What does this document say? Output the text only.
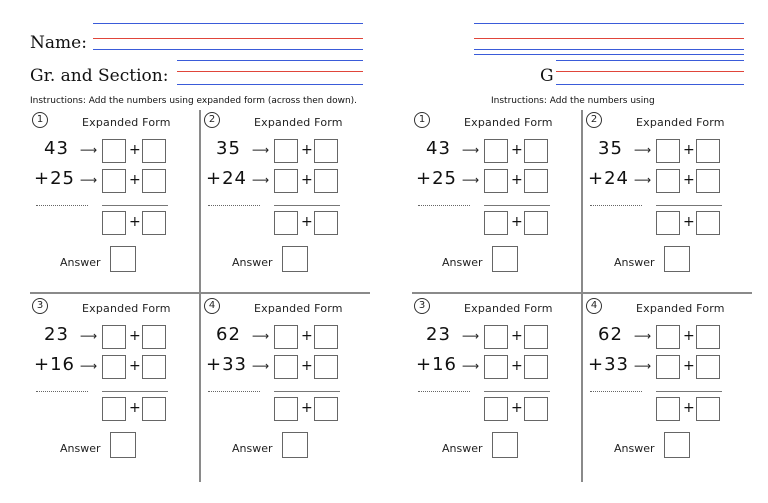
Name:
Gr. and Section:	G
Instructions: Add the numbers using expanded form (across then down).	Instructions: Add the numbers using
1	Expanded Form
43 ⟶ +
+25 ⟶ +
+
Answer
2	Expanded Form
35 ⟶ +
+24 ⟶ +
+
Answer
3	Expanded Form
23 ⟶ +
+16 ⟶ +
+
Answer
4	Expanded Form
62 ⟶ +
+33 ⟶ +
+
Answer
1	Expanded Form
43 ⟶ +
+25 ⟶ +
+
Answer
2	Expanded Form
35 ⟶ +
+24 ⟶ +
+
Answer
3	Expanded Form
23 ⟶ +
+16 ⟶ +
+
Answer
4	Expanded Form
62 ⟶ +
+33 ⟶ +
+
Answer
